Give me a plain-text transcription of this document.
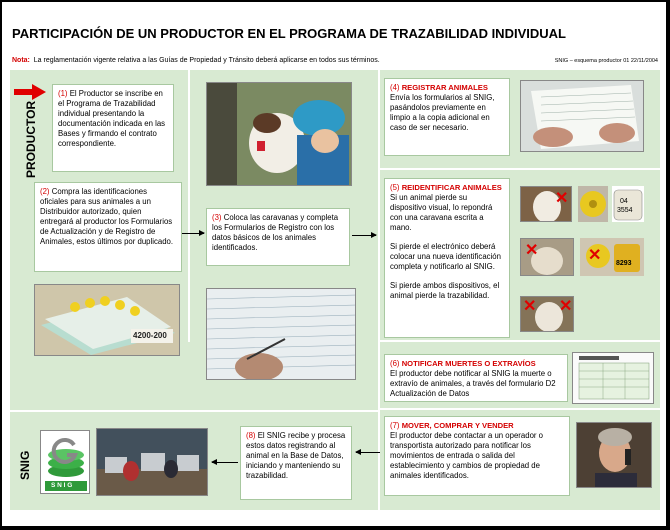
PARTICIPACIÓN DE UN PRODUCTOR EN EL PROGRAMA DE TRAZABILIDAD INDIVIDUAL
Nota: La reglamentación vigente relativa a las Guías de Propiedad y Tránsito deberá aplicarse en todos sus términos.	SNIG – esquema productor 01 22/11/2004
PRODUCTOR
SNIG
(1) El Productor se inscribe en el Programa de Trazabilidad individual presentando la documentación indicada en las Bases y firmando el contrato correspondiente.
(2) Compra las identificaciones oficiales para sus animales a un Distribuidor autorizado, quien entregará al productor los Formularios de Actualización y de Registro de Animales, estos últimos por duplicado.
(3) Coloca las caravanas y completa los Formularios de Registro con los datos básicos de los animales identificados.
4200-200
(4) REGISTRAR ANIMALES
Envía los formularios al SNIG, pasándolos previamente en limpio a la copia adicional en caso de ser necesario.
(5) REIDENTIFICAR ANIMALES

Si un animal pierde su dispositivo visual, lo repondrá con una caravana escrita a mano.
Si pierde el electrónico deberá colocar una nueva identificación completa y notificarlo al SNIG.
Si pierde ambos dispositivos, el animal pierde la trazabilidad.
✕	04
3554
✕	✕ 8293
✕ ✕
(6) NOTIFICAR MUERTES O EXTRAVÍOS
El productor debe notificar al SNIG la muerte o extravío de animales, a través del formulario D2 Actualización de Datos
(7) MOVER, COMPRAR Y VENDER
El productor debe contactar a un operador o transportista autorizado para notificar los movimientos de entrada o salida del establecimiento y cambios de propiedad de animales identificados.
S N I G
(8) El SNIG recibe y procesa estos datos registrando al animal en la Base de Datos, iniciando y manteniendo su trazabilidad.
